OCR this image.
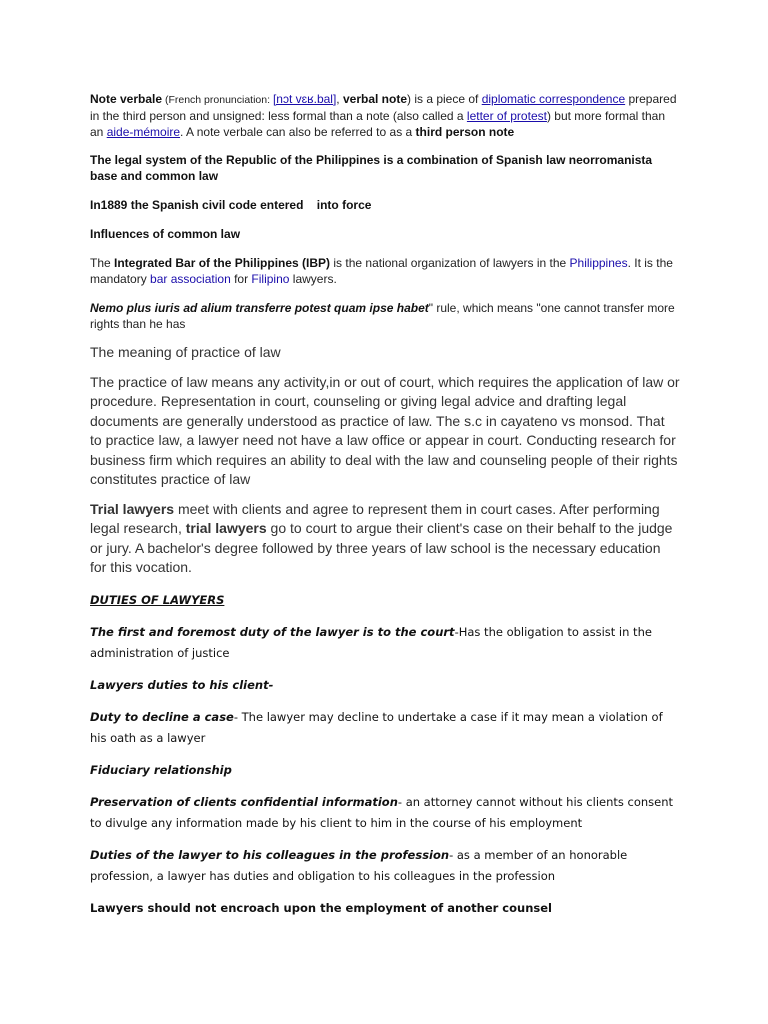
Note verbale (French pronunciation: [nɔt vɛʁ.bal], verbal note) is a piece of diplomatic correspondence prepared in the third person and unsigned: less formal than a note (also called a letter of protest) but more formal than an aide-mémoire. A note verbale can also be referred to as a third person note

The legal system of the Republic of the Philippines is a combination of Spanish law neorromanista base and common law

In1889 the Spanish civil code entered    into force

Influences of common law

The Integrated Bar of the Philippines (IBP) is the national organization of lawyers in the Philippines. It is the mandatory bar association for Filipino lawyers.

Nemo plus iuris ad alium transferre potest quam ipse habet" rule, which means "one cannot transfer more rights than he has

The meaning of practice of law

The practice of law means any activity,in or out of court, which requires the application of law or procedure. Representation in court, counseling or giving legal advice and drafting legal documents are generally understood as practice of law. The s.c in cayateno vs monsod. That to practice law, a lawyer need not have a law office or appear in court. Conducting research for business firm which requires an ability to deal with the law and counseling people of their rights constitutes practice of law

Trial lawyers meet with clients and agree to represent them in court cases. After performing legal research, trial lawyers go to court to argue their client's case on their behalf to the judge or jury. A bachelor's degree followed by three years of law school is the necessary education for this vocation.

DUTIES OF LAWYERS

The first and foremost duty of the lawyer is to the court-Has the obligation to assist in the administration of justice

Lawyers duties to his client-

Duty to decline a case- The lawyer may decline to undertake a case if it may mean a violation of his oath as a lawyer

Fiduciary relationship

Preservation of clients confidential information- an attorney cannot without his clients consent to divulge any information made by his client to him in the course of his employment

Duties of the lawyer to his colleagues in the profession- as a member of an honorable profession, a lawyer has duties and obligation to his colleagues in the profession

Lawyers should not encroach upon the employment of another counsel
